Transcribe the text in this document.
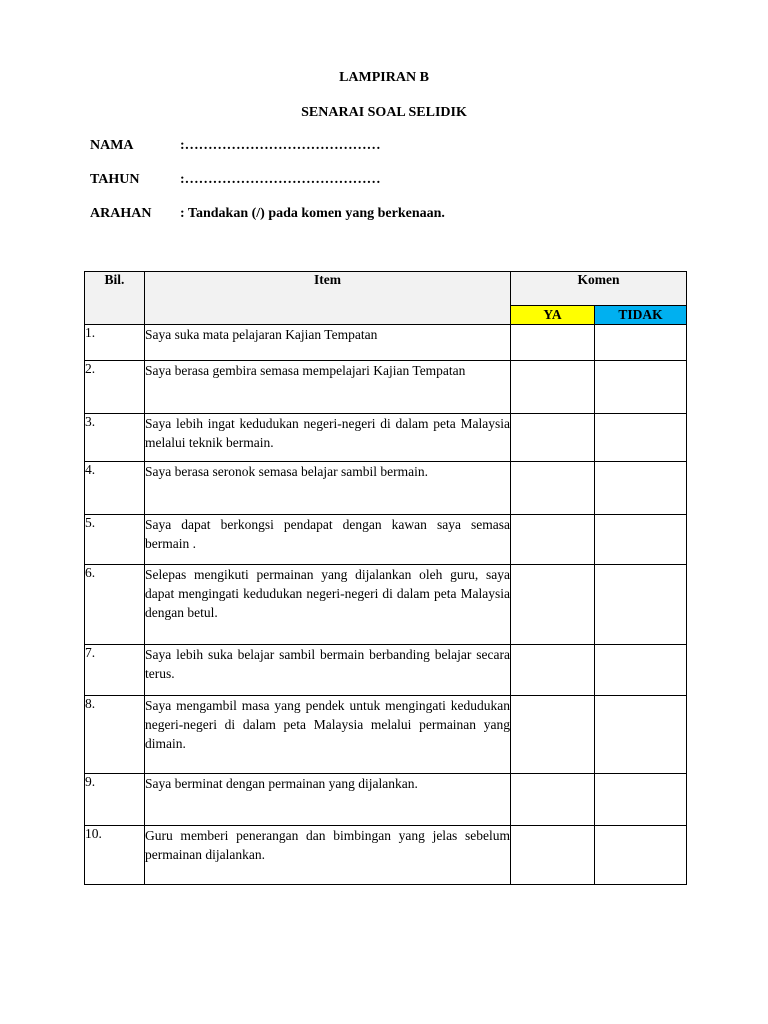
LAMPIRAN B
SENARAI SOAL SELIDIK
NAMA	:……………………………………
TAHUN	:……………………………………
ARAHAN : Tandakan (/) pada komen yang berkenaan.
Bil.	Item	Komen	
		YA	TIDAK
1.	Saya suka mata pelajaran Kajian Tempatan		
2.	Saya berasa gembira semasa mempelajari Kajian Tempatan		
3.	Saya lebih ingat kedudukan negeri-negeri di dalam peta Malaysia melalui teknik bermain.		
4.	Saya berasa seronok semasa belajar sambil bermain.		
5.	Saya dapat berkongsi pendapat dengan kawan saya semasa bermain .		
6.	Selepas mengikuti permainan yang dijalankan oleh guru, saya dapat mengingati kedudukan negeri-negeri di dalam peta Malaysia dengan betul.		
7.	Saya lebih suka belajar sambil bermain berbanding belajar secara terus.		
8.	Saya mengambil masa yang pendek untuk mengingati kedudukan negeri-negeri di dalam peta Malaysia melalui permainan yang dimain.		
9.	Saya berminat dengan permainan yang dijalankan.		
10.	Guru memberi penerangan dan bimbingan yang jelas sebelum permainan dijalankan.		
